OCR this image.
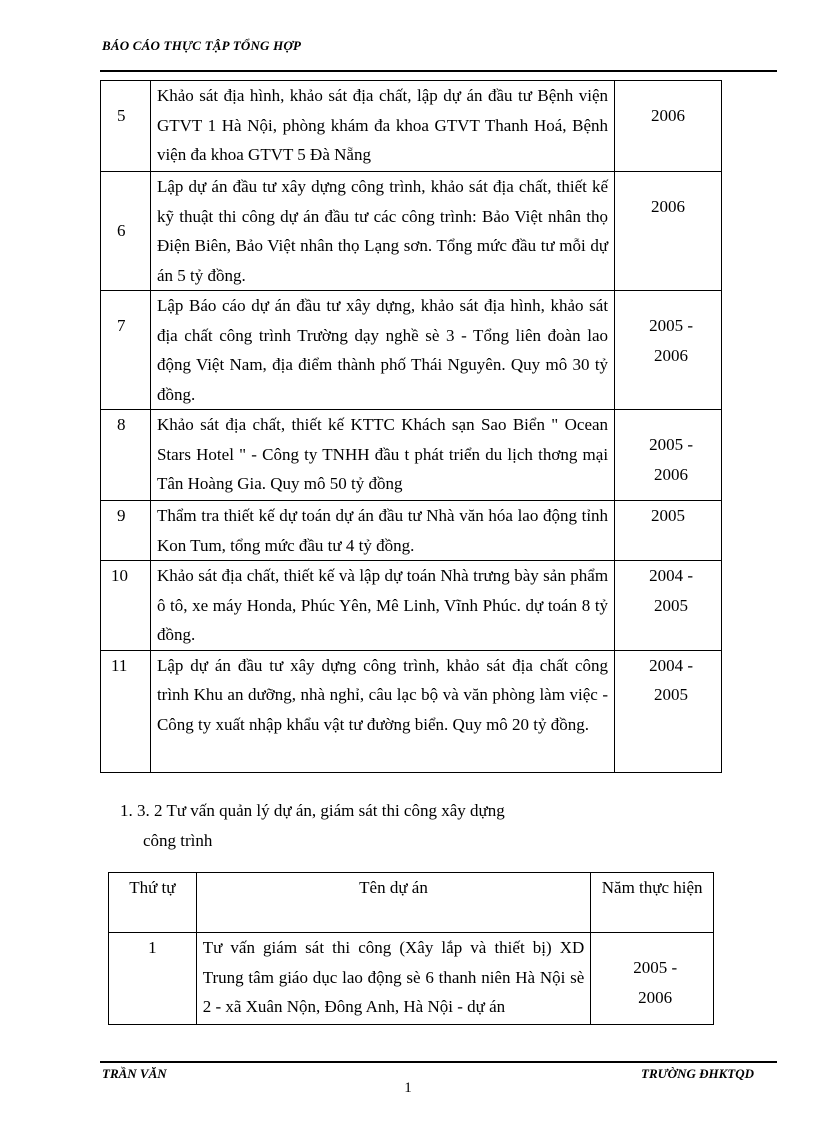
BÁO CÁO THỰC TẬP TỔNG HỢP
5	Khảo sát địa hình, khảo sát địa chất, lập dự án đầu tư Bệnh viện GTVT 1 Hà Nội, phòng khám đa khoa GTVT Thanh Hoá, Bệnh viện đa khoa GTVT 5 Đà Nẵng	2006

6	Lập dự án đầu tư xây dựng công trình, khảo sát địa chất, thiết kế kỹ thuật thi công dự án đầu tư các công trình: Bảo Việt nhân thọ Điện Biên, Bảo Việt nhân thọ Lạng sơn. Tổng mức đầu tư mỗi dự án 5 tỷ đồng.	2006

7	Lập Báo cáo dự án đầu tư xây dựng, khảo sát địa hình, khảo sát địa chất công trình Trường dạy nghề sè 3 - Tổng liên đoàn lao động Việt Nam, địa điểm thành phố Thái Nguyên. Quy mô 30 tỷ đồng.	2005 - 2006

8	Khảo sát địa chất, thiết kế KTTC Khách sạn Sao Biển " Ocean Stars Hotel " - Công ty TNHH đầu t phát triển du lịch thơng mại Tân Hoàng Gia. Quy mô 50 tỷ đồng	2005 - 2006

9	Thẩm tra thiết kế dự toán dự án đầu tư Nhà văn hóa lao động tỉnh Kon Tum, tổng mức đầu tư 4 tỷ đồng.	2005

10	Khảo sát địa chất, thiết kế và lập dự toán Nhà trưng bày sản phẩm ô tô, xe máy Honda, Phúc Yên, Mê Linh, Vĩnh Phúc. dự toán 8 tỷ đồng.	2004 - 2005

11	Lập dự án đầu tư xây dựng công trình, khảo sát địa chất công trình Khu an dưỡng, nhà nghỉ, câu lạc bộ và văn phòng làm việc - Công ty xuất nhập khẩu vật tư đường biển. Quy mô 20 tỷ đồng.	2004 - 2005
1. 3. 2 Tư vấn quản lý dự án, giám sát thi công xây dựng
công trình
Thứ tự	Tên dự án	Năm thực hiện
1	Tư vấn giám sát thi công (Xây lắp và thiết bị) XD Trung tâm giáo dục lao động sè 6 thanh niên Hà Nội sè 2 - xã Xuân Nộn, Đông Anh, Hà Nội - dự án	2005 - 2006
TRẦN VĂN	TRƯỜNG ĐHKTQD
1
